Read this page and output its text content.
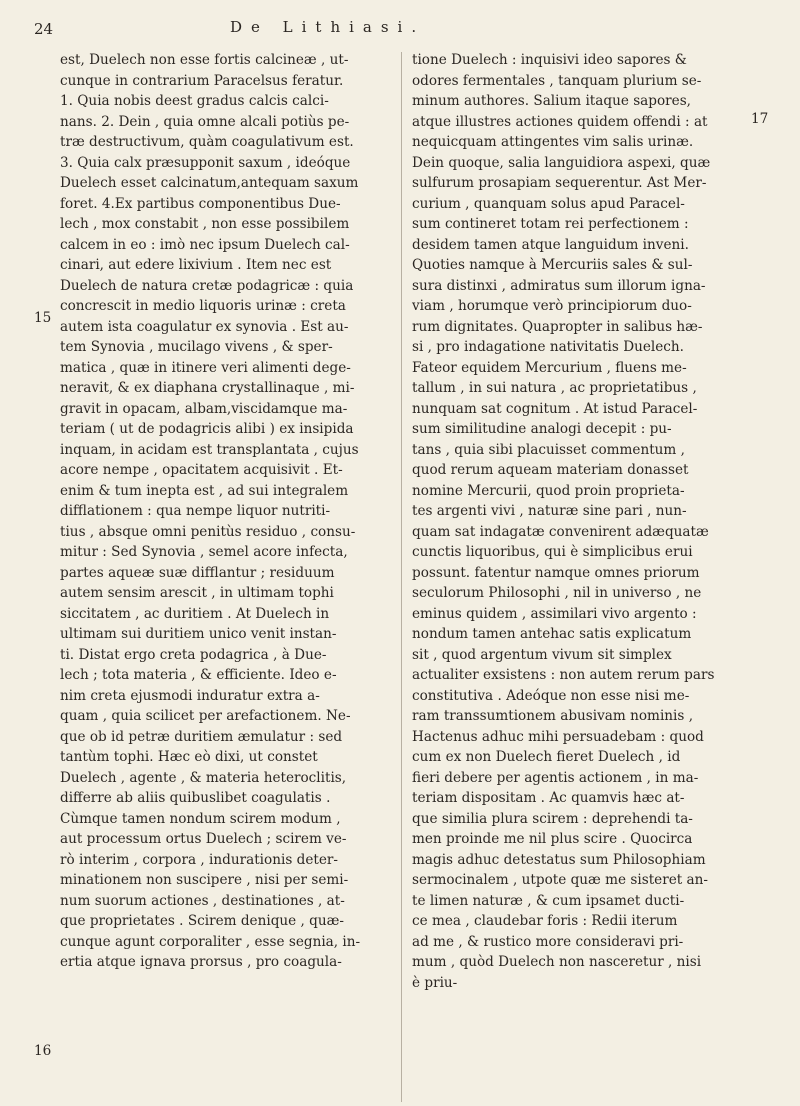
24	De Lithiasi.
15
16
17
est, Duelech non esse fortis calcineæ , ut-
cunque in contrarium Paracelsus feratur.
1. Quia nobis deest gradus calcis calci-
nans. 2. Dein , quia omne alcali potiùs pe-
træ destructivum, quàm coagulativum est.
3. Quia calx præsupponit saxum , ideóque
Duelech esset calcinatum,antequam saxum
foret. 4.Ex partibus componentibus Due-
lech , mox constabit , non esse possibilem
calcem in eo : imò nec ipsum Duelech cal-
cinari, aut edere lixivium . Item nec est
Duelech de natura cretæ podagricæ : quia
concrescit in medio liquoris urinæ : creta
autem ista coagulatur ex synovia . Est au-
tem Synovia , mucilago vivens , & sper-
matica , quæ in itinere veri alimenti dege-
neravit, & ex diaphana crystallinaque , mi-
gravit in opacam, albam,viscidamque ma-
teriam ( ut de podagricis alibi ) ex insipida
inquam, in acidam est transplantata , cujus
acore nempe , opacitatem acquisivit . Et-
enim & tum inepta est , ad sui integralem
difflationem : qua nempe liquor nutriti-
tius , absque omni penitùs residuo , consu-
mitur : Sed Synovia , semel acore infecta,
partes aqueæ suæ difflantur ; residuum
autem sensim arescit , in ultimam tophi
siccitatem , ac duritiem . At Duelech in
ultimam sui duritiem unico venit instan-
ti. Distat ergo creta podagrica , à Due-
lech ; tota materia , & efficiente. Ideo e-
nim creta ejusmodi induratur extra a-
quam , quia scilicet per arefactionem. Ne-
que ob id petræ duritiem æmulatur : sed
tantùm tophi. Hæc eò dixi, ut constet
Duelech , agente , & materia heteroclitis,
differre ab aliis quibuslibet coagulatis .
Cùmque tamen nondum scirem modum ,
aut processum ortus Duelech ; scirem ve-
rò interim , corpora , indurationis deter-
minationem non suscipere , nisi per semi-
num suorum actiones , destinationes , at-
que proprietates . Scirem denique , quæ-
cunque agunt corporaliter , esse segnia, in-
ertia atque ignava prorsus , pro coagula-
tione Duelech : inquisivi ideo sapores &
odores fermentales , tanquam plurium se-
minum authores. Salium itaque sapores,
atque illustres actiones quidem offendi : at
nequicquam attingentes vim salis urinæ.
Dein quoque, salia languidiora aspexi, quæ
sulfurum prosapiam sequerentur. Ast Mer-
curium , quanquam solus apud Paracel-
sum contineret totam rei perfectionem :
desidem tamen atque languidum inveni.
Quoties namque à Mercuriis sales & sul-
sura distinxi , admiratus sum illorum igna-
viam , horumque verò principiorum duo-
rum dignitates. Quapropter in salibus hæ-
si , pro indagatione nativitatis Duelech.
Fateor equidem Mercurium , fluens me-
tallum , in sui natura , ac proprietatibus ,
nunquam sat cognitum . At istud Paracel-
sum similitudine analogi decepit : pu-
tans , quia sibi placuisset commentum ,
quod rerum aqueam materiam donasset
nomine Mercurii, quod proin proprieta-
tes argenti vivi , naturæ sine pari , nun-
quam sat indagatæ convenirent adæquatæ
cunctis liquoribus, qui è simplicibus erui
possunt. fatentur namque omnes priorum
seculorum Philosophi , nil in universo , ne
eminus quidem , assimilari vivo argento :
nondum tamen antehac satis explicatum
sit , quod argentum vivum sit simplex
actualiter exsistens : non autem rerum pars
constitutiva . Adeóque non esse nisi me-
ram transsumtionem abusivam nominis ,
Hactenus adhuc mihi persuadebam : quod
cum ex non Duelech fieret Duelech , id
fieri debere per agentis actionem , in ma-
teriam dispositam . Ac quamvis hæc at-
que similia plura scirem : deprehendi ta-
men proinde me nil plus scire . Quocirca
magis adhuc detestatus sum Philosophiam
sermocinalem , utpote quæ me sisteret an-
te limen naturæ , & cum ipsamet ducti-
ce mea , claudebar foris : Redii iterum
ad me , & rustico more consideravi pri-
mum , quòd Duelech non nasceretur , nisi
è priu-
